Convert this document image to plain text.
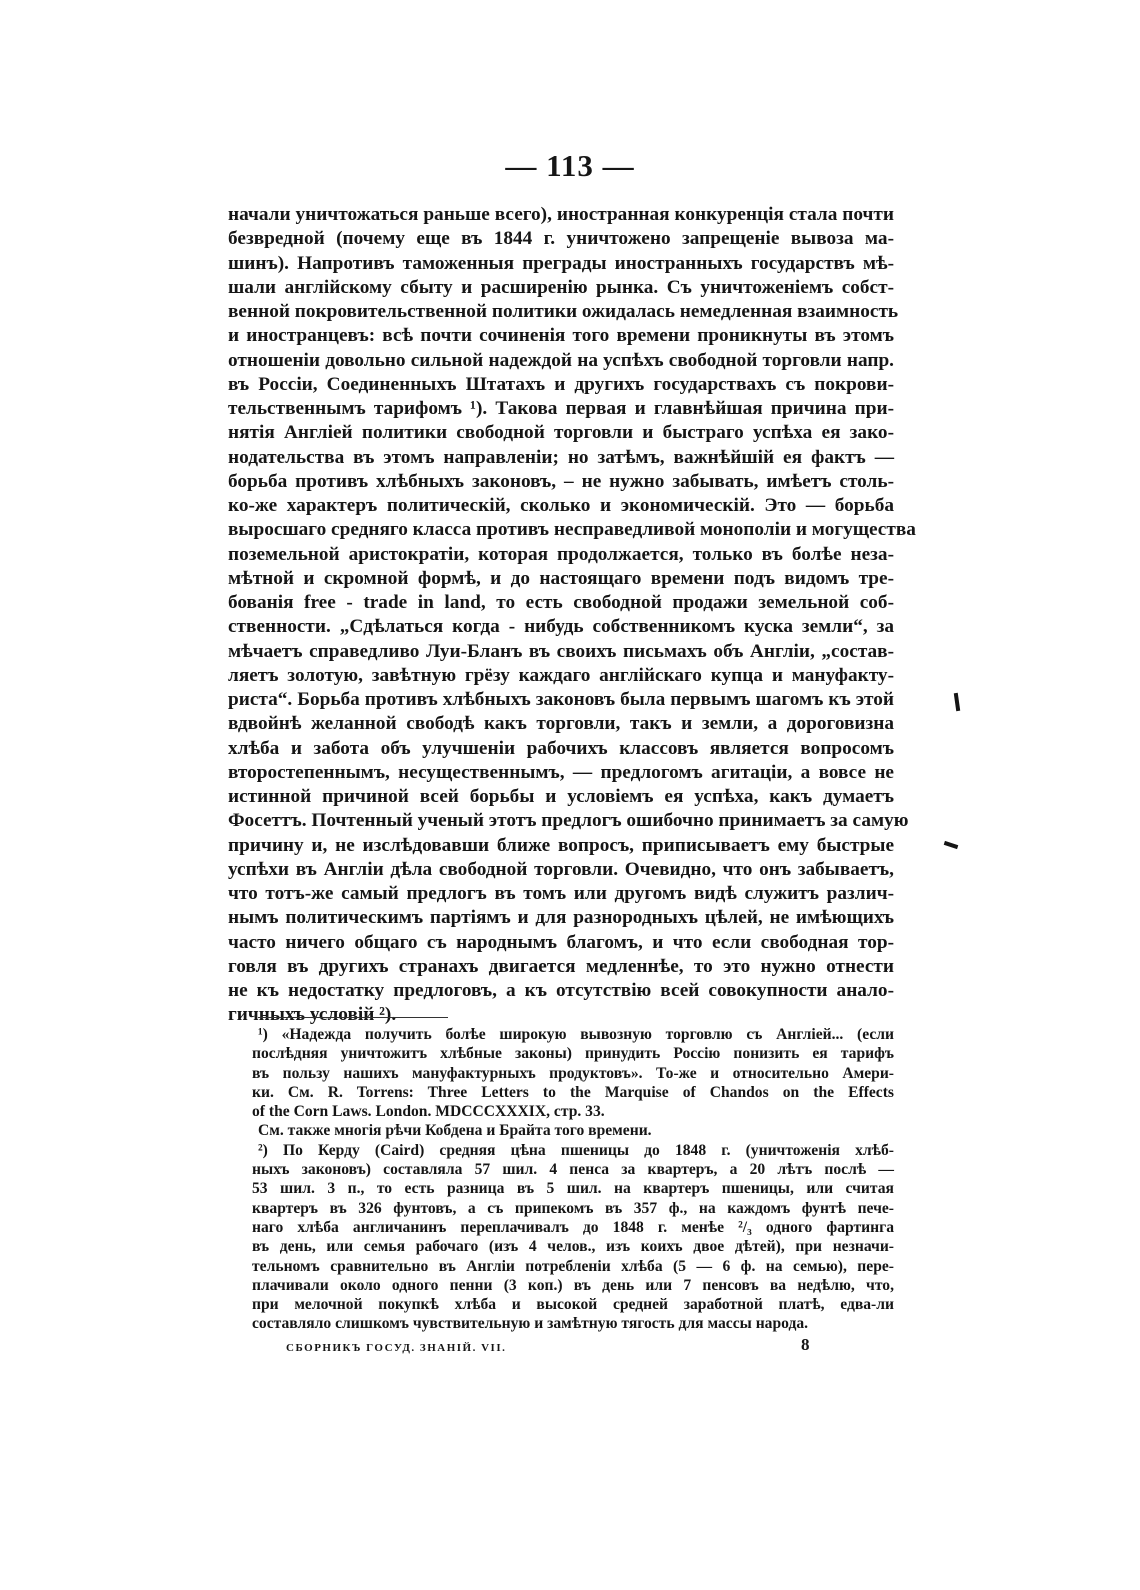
— 113 —
начали уничтожаться раньше всего), иностранная конкуренція стала почти
безвредной (почему еще въ 1844 г. уничтожено запрещеніе вывоза ма-
шинъ). Напротивъ таможенныя преграды иностранныхъ государствъ мѣ-
шали англійскому сбыту и расширенію рынка. Съ уничтоженіемъ собст-
венной покровительственной политики ожидалась немедленная взаимность
и иностранцевъ: всѣ почти сочиненія того времени проникнуты въ этомъ
отношеніи довольно сильной надеждой на успѣхъ свободной торговли напр.
въ Россіи, Соединенныхъ Штатахъ и другихъ государствахъ съ покрови-
тельственнымъ тарифомъ ¹). Такова первая и главнѣйшая причина при-
нятія Англіей политики свободной торговли и быстраго успѣха ея зако-
нодательства въ этомъ направленіи; но затѣмъ, важнѣйшій ея фактъ —
борьба противъ хлѣбныхъ законовъ, – не нужно забывать, имѣетъ столь-
ко-же характеръ политическій, сколько и экономическій. Это — борьба
выросшаго средняго класса противъ несправедливой монополіи и могущества
поземельной аристократіи, которая продолжается, только въ болѣе неза-
мѣтной и скромной формѣ, и до настоящаго времени подъ видомъ тре-
бованія free - trade in land, то есть свободной продажи земельной соб-
ственности. „Сдѣлаться когда - нибудь собственникомъ куска земли“, за
мѣчаетъ справедливо Луи-Бланъ въ своихъ письмахъ объ Англіи, „состав-
ляетъ золотую, завѣтную грёзу каждаго англійскаго купца и мануфакту-
риста“. Борьба противъ хлѣбныхъ законовъ была первымъ шагомъ къ этой
вдвойнѣ желанной свободѣ какъ торговли, такъ и земли, а дороговизна
хлѣба и забота объ улучшеніи рабочихъ классовъ является вопросомъ
второстепеннымъ, несущественнымъ, — предлогомъ агитаціи, а вовсе не
истинной причиной всей борьбы и условіемъ ея успѣха, какъ думаетъ
Фосеттъ. Почтенный ученый этотъ предлогъ ошибочно принимаетъ за самую
причину и, не изслѣдовавши ближе вопросъ, приписываетъ ему быстрые
успѣхи въ Англіи дѣла свободной торговли. Очевидно, что онъ забываетъ,
что тотъ-же самый предлогъ въ томъ или другомъ видѣ служитъ различ-
нымъ политическимъ партіямъ и для разнородныхъ цѣлей, не имѣющихъ
часто ничего общаго съ народнымъ благомъ, и что если свободная тор-
говля въ другихъ странахъ двигается медленнѣе, то это нужно отнести
не къ недостатку предлоговъ, а къ отсутствію всей совокупности анало-
гичныхъ условій ²).
¹) «Надежда получить болѣе широкую вывозную торговлю съ Англіей... (если
послѣдняя уничтожитъ хлѣбные законы) принудить Россію понизить ея тарифъ
въ пользу нашихъ мануфактурныхъ продуктовъ». То-же и относительно Амери-
ки. См. R. Torrens: Three Letters to the Marquise of Chandos on the Effects
of the Corn Laws. London. MDCCCXXXIX, стр. 33.
См. также многія рѣчи Кобдена и Брайта того времени.
²) По Керду (Caird) средняя цѣна пшеницы до 1848 г. (уничтоженія хлѣб-
ныхъ законовъ) составляла 57 шил. 4 пенса за квартеръ, а 20 лѣтъ послѣ —
53 шил. 3 п., то есть разница въ 5 шил. на квартеръ пшеницы, или считая
квартеръ въ 326 фунтовъ, а съ припекомъ въ 357 ф., на каждомъ фунтѣ пече-
наго хлѣба англичанинъ переплачивалъ до 1848 г. менѣе ²/₃ одного фартинга
въ день, или семья рабочаго (изъ 4 челов., изъ коихъ двое дѣтей), при незначи-
тельномъ сравнительно въ Англіи потребленіи хлѣба (5 — 6 ф. на семью), пере-
плачивали около одного пенни (3 коп.) въ день или 7 пенсовъ ва недѣлю, что,
при мелочной покупкѣ хлѣба и высокой средней заработной платѣ, едва-ли
составляло слишкомъ чувствительную и замѣтную тягость для массы народа.
СБОРНИКЪ ГОСУД. ЗНАНІЙ. VII.	8
